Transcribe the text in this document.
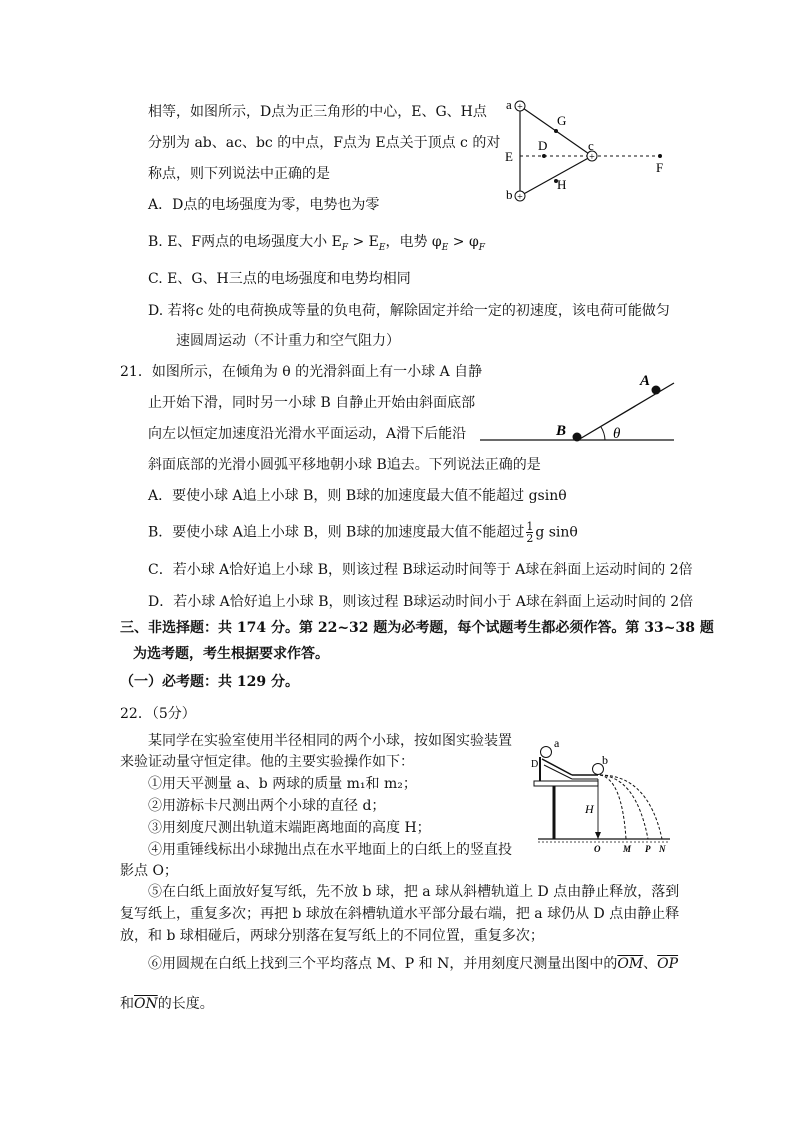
相等，如图所示，D点为正三角形的中心，E、G、H点
分别为 ab、ac、bc 的中点，F点为 E点关于顶点 c 的对
称点，则下列说法中正确的是
A．D点的电场强度为零，电势也为零
B. E、F两点的电场强度大小 $E_F > E_E$，电势 $\varphi_E > \varphi_F$
C. E、G、H三点的电场强度和电势均相同
D. 若将c 处的电荷换成等量的负电荷，解除固定并给一定的初速度，该电荷可能做匀
速圆周运动（不计重力和空气阻力）
+
+
+
a
b
c
G
D
E
H
F
21．如图所示，在倾角为 θ 的光滑斜面上有一小球 A 自静
止开始下滑，同时另一小球 B 自静止开始由斜面底部
向左以恒定加速度沿光滑水平面运动，A滑下后能沿
斜面底部的光滑小圆弧平移地朝小球 B追去。下列说法正确的是
A．要使小球 A追上小球 B，则 B球的加速度最大值不能超过 gsinθ
B．要使小球 A追上小球 B，则 B球的加速度最大值不能超过 $\frac{1}{2}$ g sinθ
C．若小球 A恰好追上小球 B，则该过程 B球运动时间等于 A球在斜面上运动时间的 2倍
D．若小球 A恰好追上小球 B，则该过程 B球运动时间小于 A球在斜面上运动时间的 2倍
A
B	θ
三、非选择题：共 174 分。第 22~32 题为必考题，每个试题考生都必须作答。第 33~38 题
为选考题，考生根据要求作答。
（一）必考题：共 129 分。
22．（5分）
某同学在实验室使用半径相同的两个小球，按如图实验装置
来验证动量守恒定律。他的主要实验操作如下：
①用天平测量 a、b 两球的质量 m₁和 m₂；
②用游标卡尺测出两个小球的直径 d；
③用刻度尺测出轨道末端距离地面的高度 H；
④用重锤线标出小球抛出点在水平地面上的白纸上的竖直投
影点 O；
⑤在白纸上面放好复写纸，先不放 b 球，把 a 球从斜槽轨道上 D 点由静止释放，落到
复写纸上，重复多次；再把 b 球放在斜槽轨道水平部分最右端，把 a 球仍从 D 点由静止释
放，和 b 球相碰后，两球分别落在复写纸上的不同位置，重复多次；
⑥用圆规在白纸上找到三个平均落点 M、P 和 N，并用刻度尺测量出图中的$\overline{OM}$、$\overline{OP}$
和$\overline{ON}$的长度。
a
b
D
H
O	M P N
